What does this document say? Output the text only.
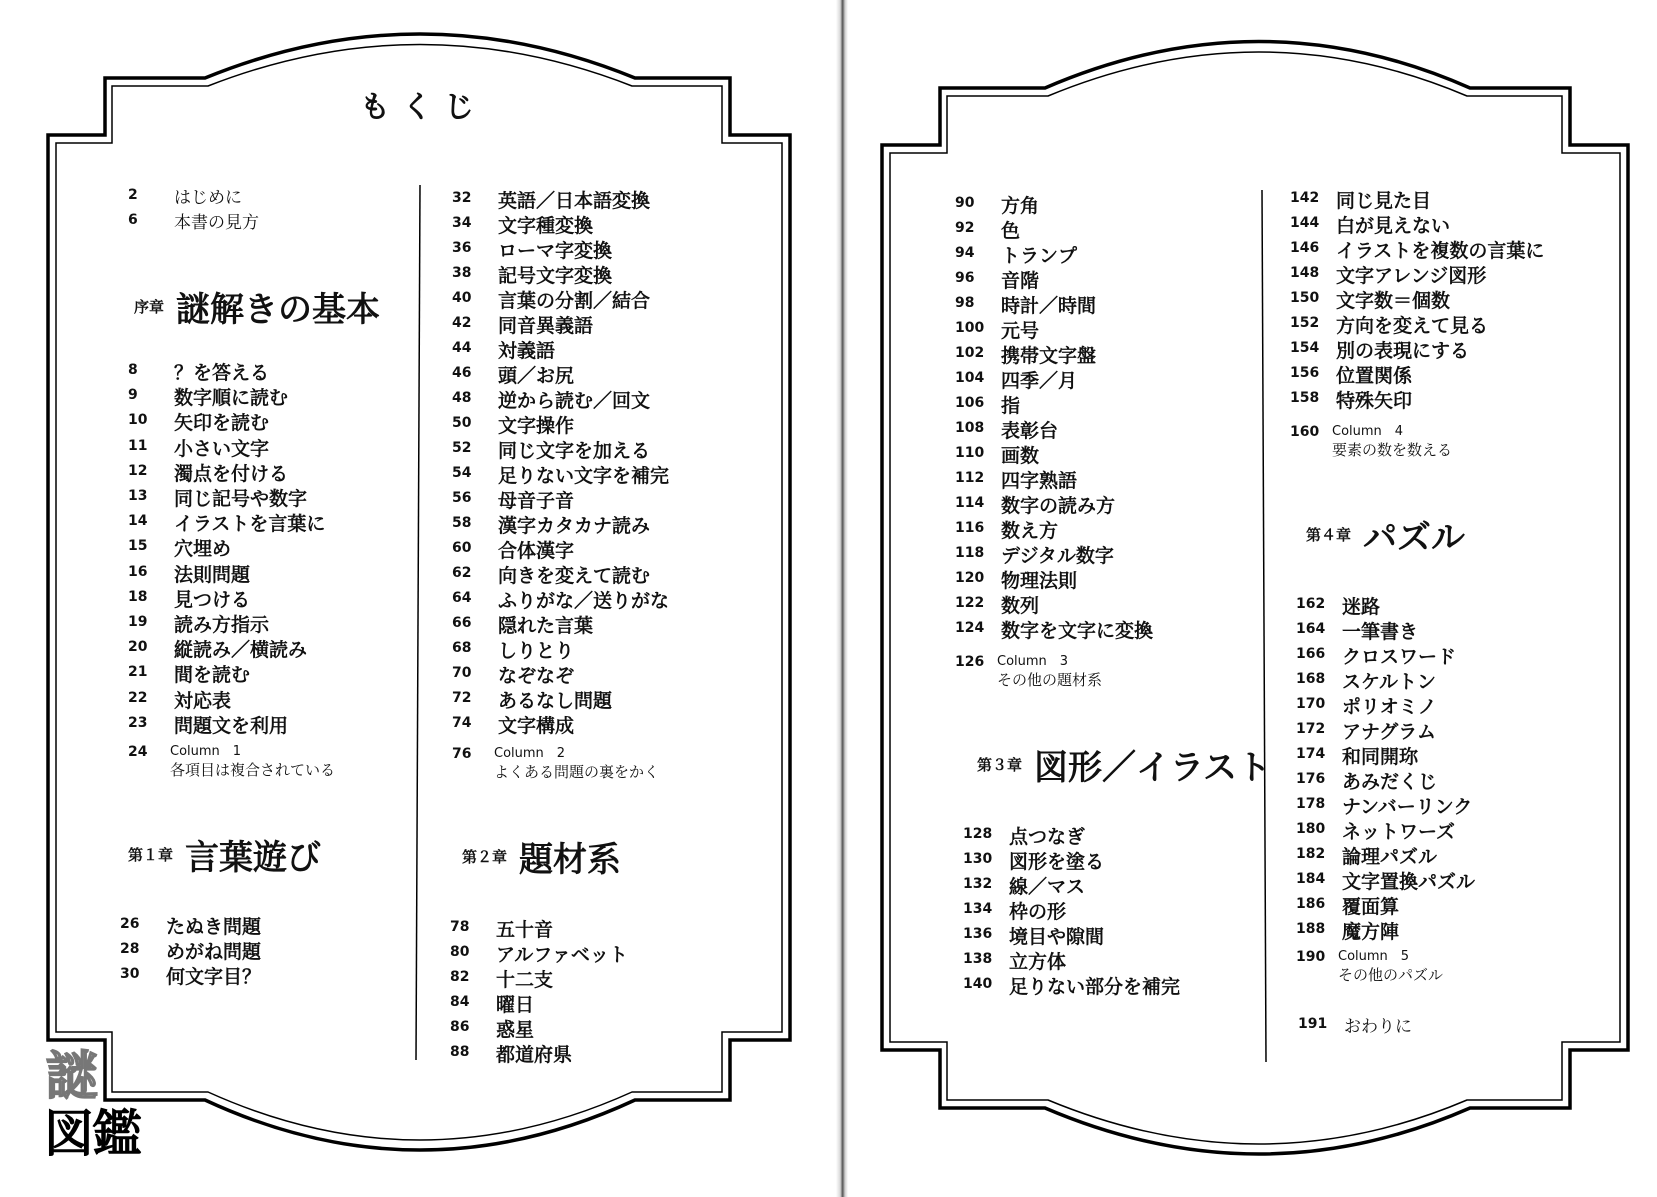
もくじ
2	はじめに
6	本書の見方
序章 謎解きの基本
8	？を答える
9	数字順に読む
10	矢印を読む
11	小さい文字
12	濁点を付ける
13	同じ記号や数字
14	イラストを言葉に
15	穴埋め
16	法則問題
18	見つける
19	読み方指示
20	縦読み／横読み
21	間を読む
22	対応表
23	問題文を利用
24	Column　1
各項目は複合されている
第１章 言葉遊び
26	たぬき問題
28	めがね問題
30	何文字目？
32	英語／日本語変換
34	文字種変換
36	ローマ字変換
38	記号文字変換
40	言葉の分割／結合
42	同音異義語
44	対義語
46	頭／お尻
48	逆から読む／回文
50	文字操作
52	同じ文字を加える
54	足りない文字を補完
56	母音子音
58	漢字カタカナ読み
60	合体漢字
62	向きを変えて読む
64	ふりがな／送りがな
66	隠れた言葉
68	しりとり
70	なぞなぞ
72	あるなし問題
74	文字構成
76	Column　2
よくある問題の裏をかく
第２章 題材系
78	五十音
80	アルファベット
82	十二支
84	曜日
86	惑星
88	都道府県
90	方角
92	色
94	トランプ
96	音階
98	時計／時間
100 元号
102 携帯文字盤
104 四季／月
106 指
108 表彰台
110 画数
112 四字熟語
114 数字の読み方
116 数え方
118 デジタル数字
120 物理法則
122 数列
124 数字を文字に変換
126 Column　3
その他の題材系
第３章 図形／イラスト
128 点つなぎ
130 図形を塗る
132 線／マス
134 枠の形
136 境目や隙間
138 立方体
140 足りない部分を補完
142 同じ見た目
144 白が見えない
146 イラストを複数の言葉に
148 文字アレンジ図形
150 文字数＝個数
152 方向を変えて見る
154 別の表現にする
156 位置関係
158 特殊矢印
160 Column　4
要素の数を数える
第４章 パズル
162 迷路
164 一筆書き
166 クロスワード
168 スケルトン
170 ポリオミノ
172 アナグラム
174 和同開珎
176 あみだくじ
178 ナンバーリンク
180 ネットワーズ
182 論理パズル
184 文字置換パズル
186 覆面算
188 魔方陣
190 Column　5
その他のパズル
191 おわりに
謎
図鑑
